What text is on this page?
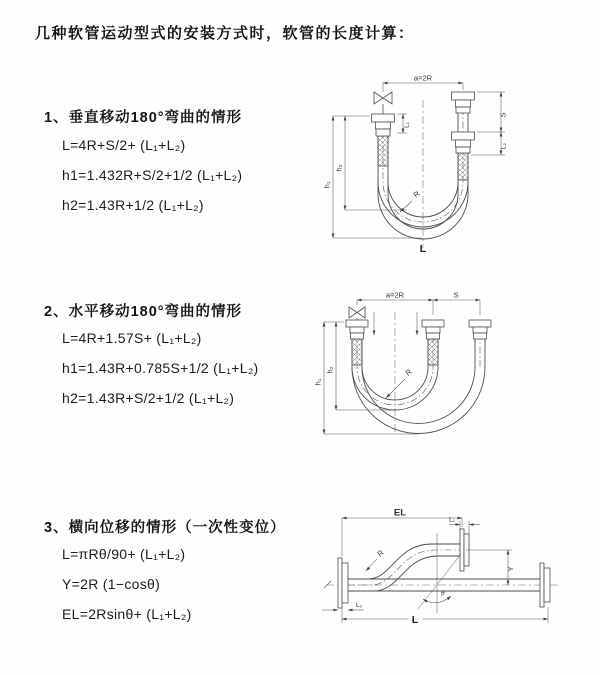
几种软管运动型式的安装方式时，软管的长度计算：
1、垂直移动180°弯曲的情形
L=4R+S/2+ (L₁+L₂)
h1=1.432R+S/2+1/2 (L₁+L₂)
h2=1.43R+1/2 (L₁+L₂)
2、水平移动180°弯曲的情形
L=4R+1.57S+ (L₁+L₂)
h1=1.43R+0.785S+1/2 (L₁+L₂)
h2=1.43R+S/2+1/2 (L₁+L₂)
3、横向位移的情形（一次性变位）
L=πRθ/90+ (L₁+L₂)
Y=2R (1−cosθ)
EL=2Rsinθ+ (L₁+L₂)
a=2R
h₁
h₂
S
L₂
L₁
R
L
a=2R	S
h₁
h₂	R
θ
EL
L₁
Y
L
L₂
R
